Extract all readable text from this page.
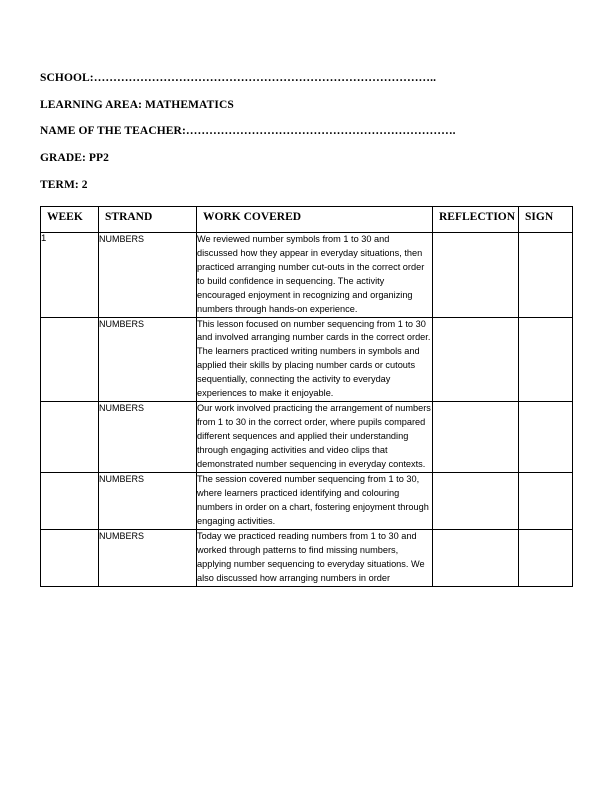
SCHOOL:……………………………………………………………………………..
LEARNING AREA: MATHEMATICS
NAME OF THE TEACHER:…………………………………………………………….
GRADE: PP2
TERM: 2
WEEK	STRAND	WORK COVERED	REFLECTION	SIGN
1	NUMBERS	We reviewed number symbols from 1 to 30 and discussed how they appear in everyday situations, then practiced arranging number cut-outs in the correct order to build confidence in sequencing. The activity encouraged enjoyment in recognizing and organizing numbers through hands-on experience.		
	NUMBERS	This lesson focused on number sequencing from 1 to 30 and involved arranging number cards in the correct order. The learners practiced writing numbers in symbols and applied their skills by placing number cards or cutouts sequentially, connecting the activity to everyday experiences to make it enjoyable.		
	NUMBERS	Our work involved practicing the arrangement of numbers from 1 to 30 in the correct order, where pupils compared different sequences and applied their understanding through engaging activities and video clips that demonstrated number sequencing in everyday contexts.		
	NUMBERS	The session covered number sequencing from 1 to 30, where learners practiced identifying and colouring numbers in order on a chart, fostering enjoyment through engaging activities.		
	NUMBERS	Today we practiced reading numbers from 1 to 30 and worked through patterns to find missing numbers, applying number sequencing to everyday situations. We also discussed how arranging numbers in order		
